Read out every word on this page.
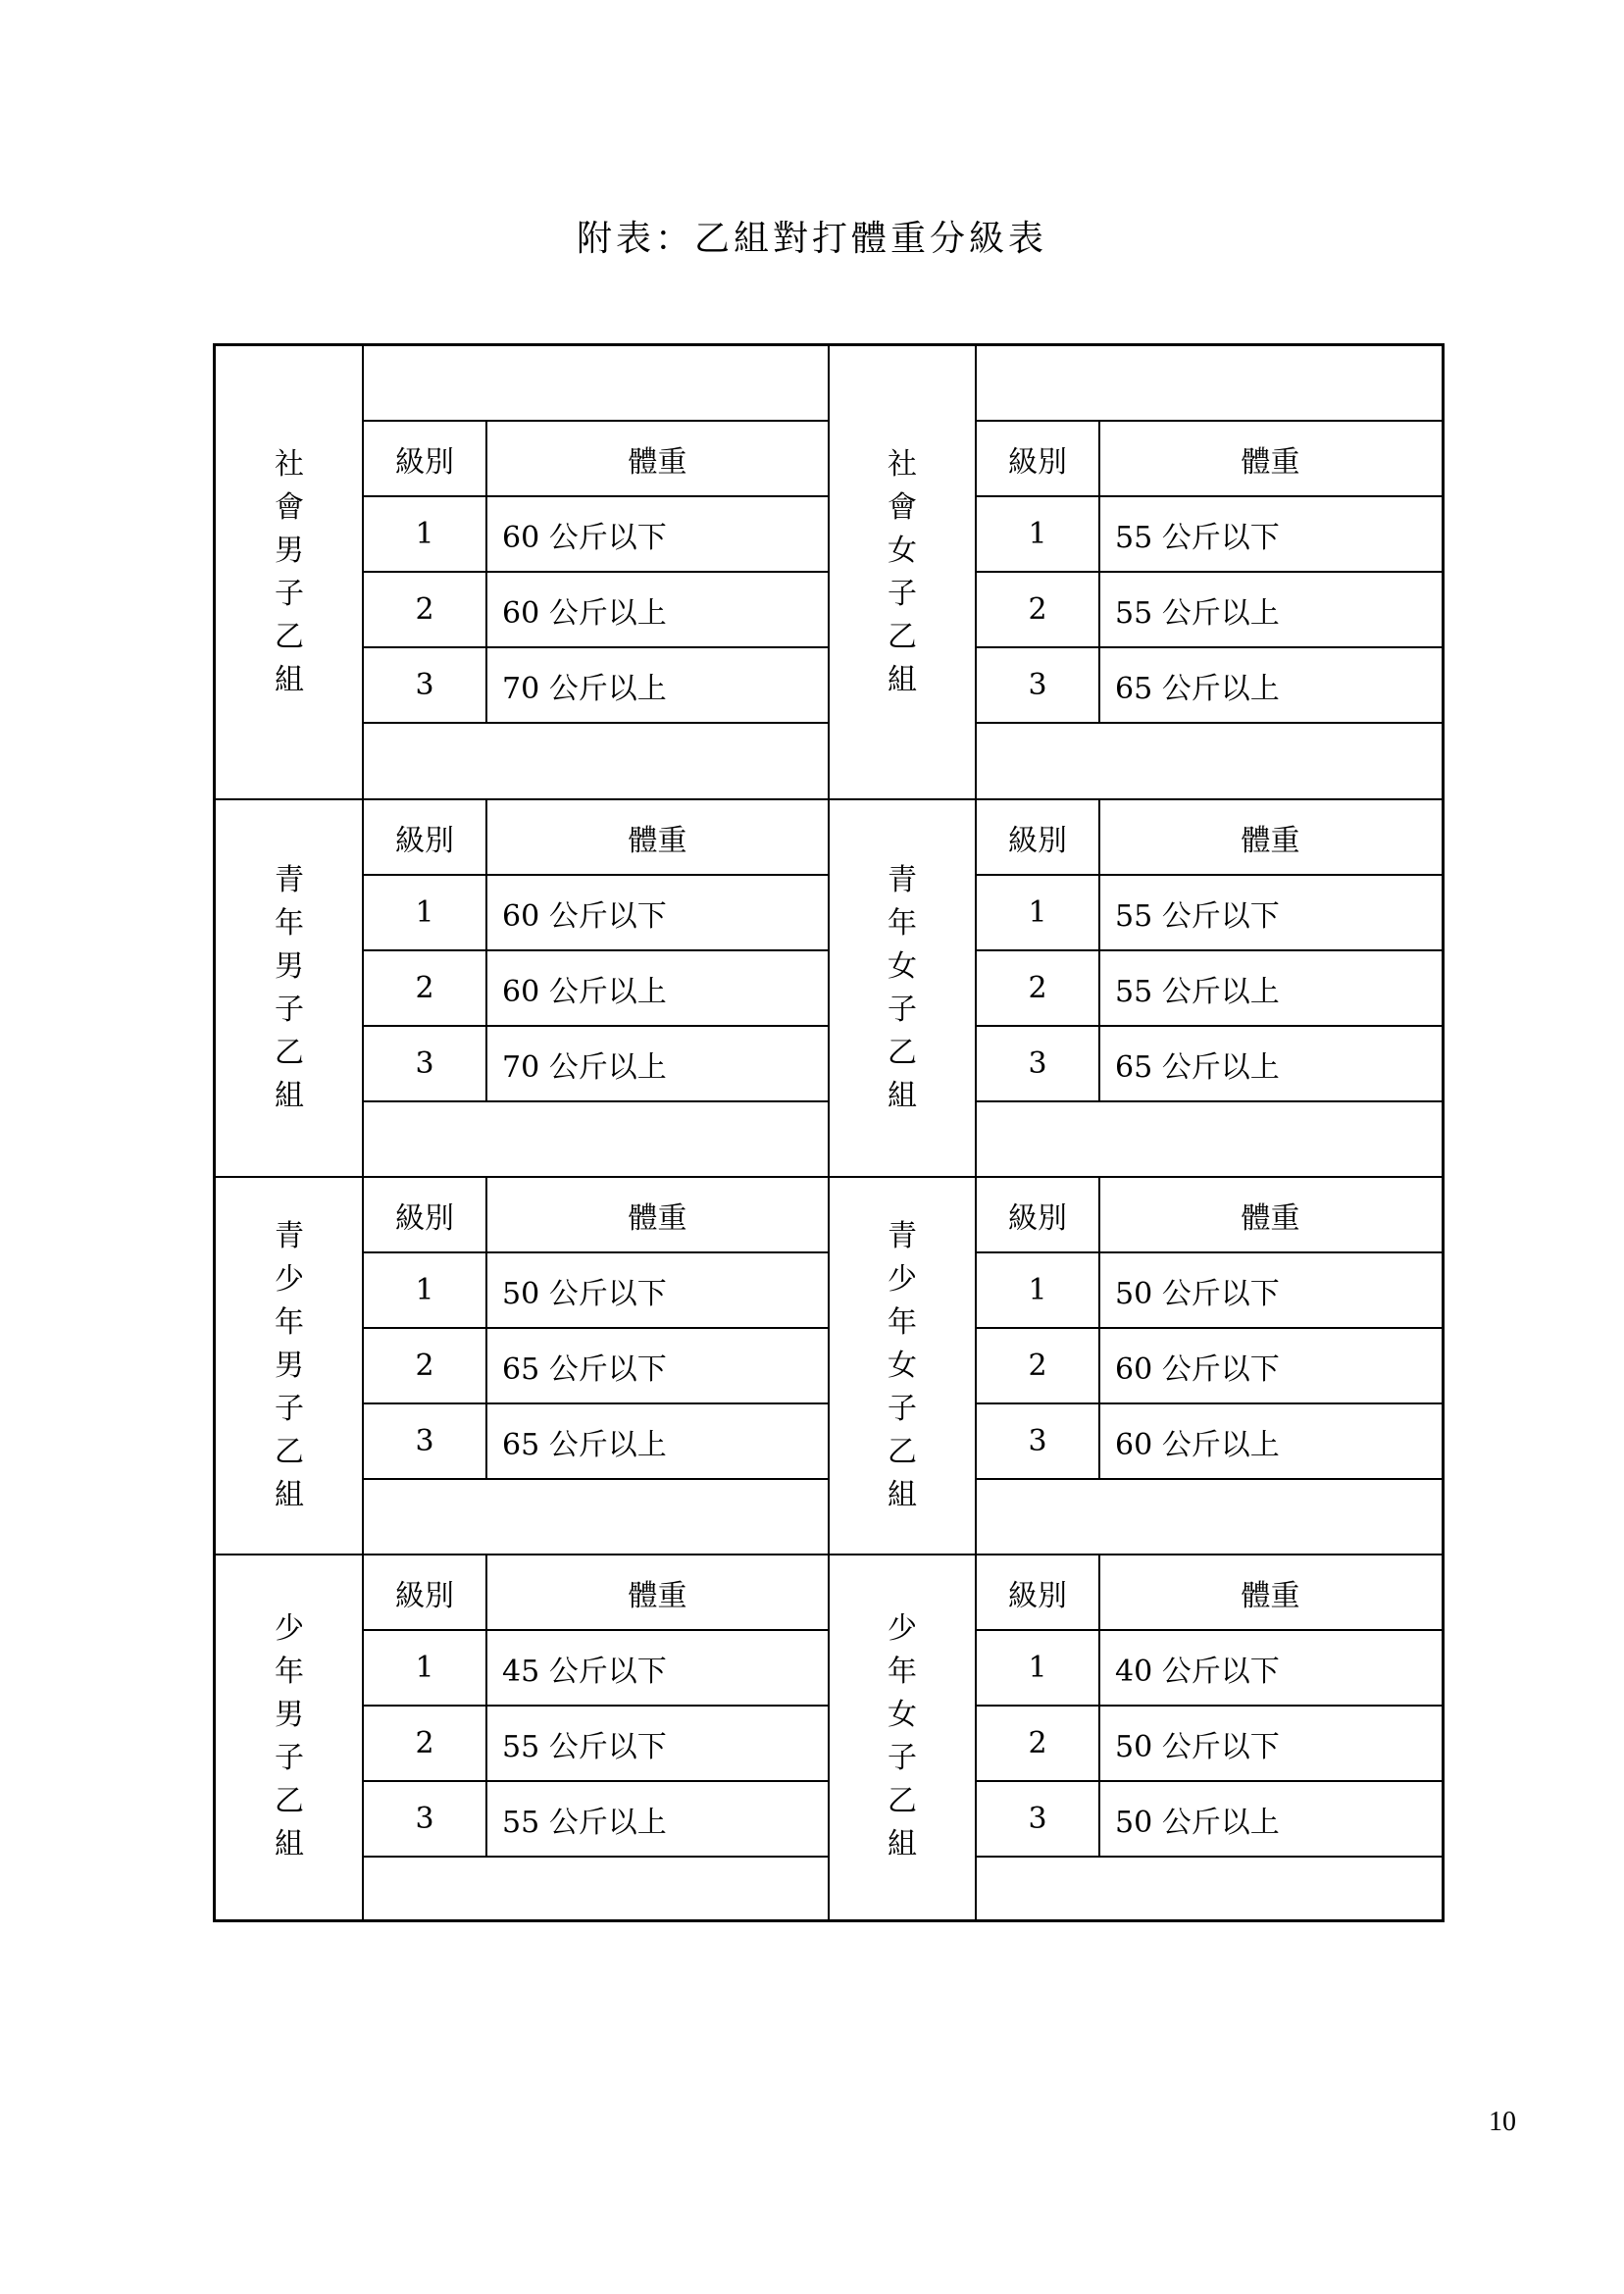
附表：乙組對打體重分級表
社
會
男
子
乙
組
級別	體重
1	60 公斤以下
2	60 公斤以上
3	70 公斤以上
社
會
女
子
乙
組
級別	體重
1	55 公斤以下
2	55 公斤以上
3	65 公斤以上
青
年
男
子
乙
組
級別	體重
1	60 公斤以下
2	60 公斤以上
3	70 公斤以上
青
年
女
子
乙
組
級別	體重
1	55 公斤以下
2	55 公斤以上
3	65 公斤以上
青
少
年
男
子
乙
組
級別	體重
1	50 公斤以下
2	65 公斤以下
3	65 公斤以上
青
少
年
女
子
乙
組
級別	體重
1	50 公斤以下
2	60 公斤以下
3	60 公斤以上
少
年
男
子
乙
組
級別	體重
1	45 公斤以下
2	55 公斤以下
3	55 公斤以上
少
年
女
子
乙
組
級別	體重
1	40 公斤以下
2	50 公斤以下
3	50 公斤以上
10
